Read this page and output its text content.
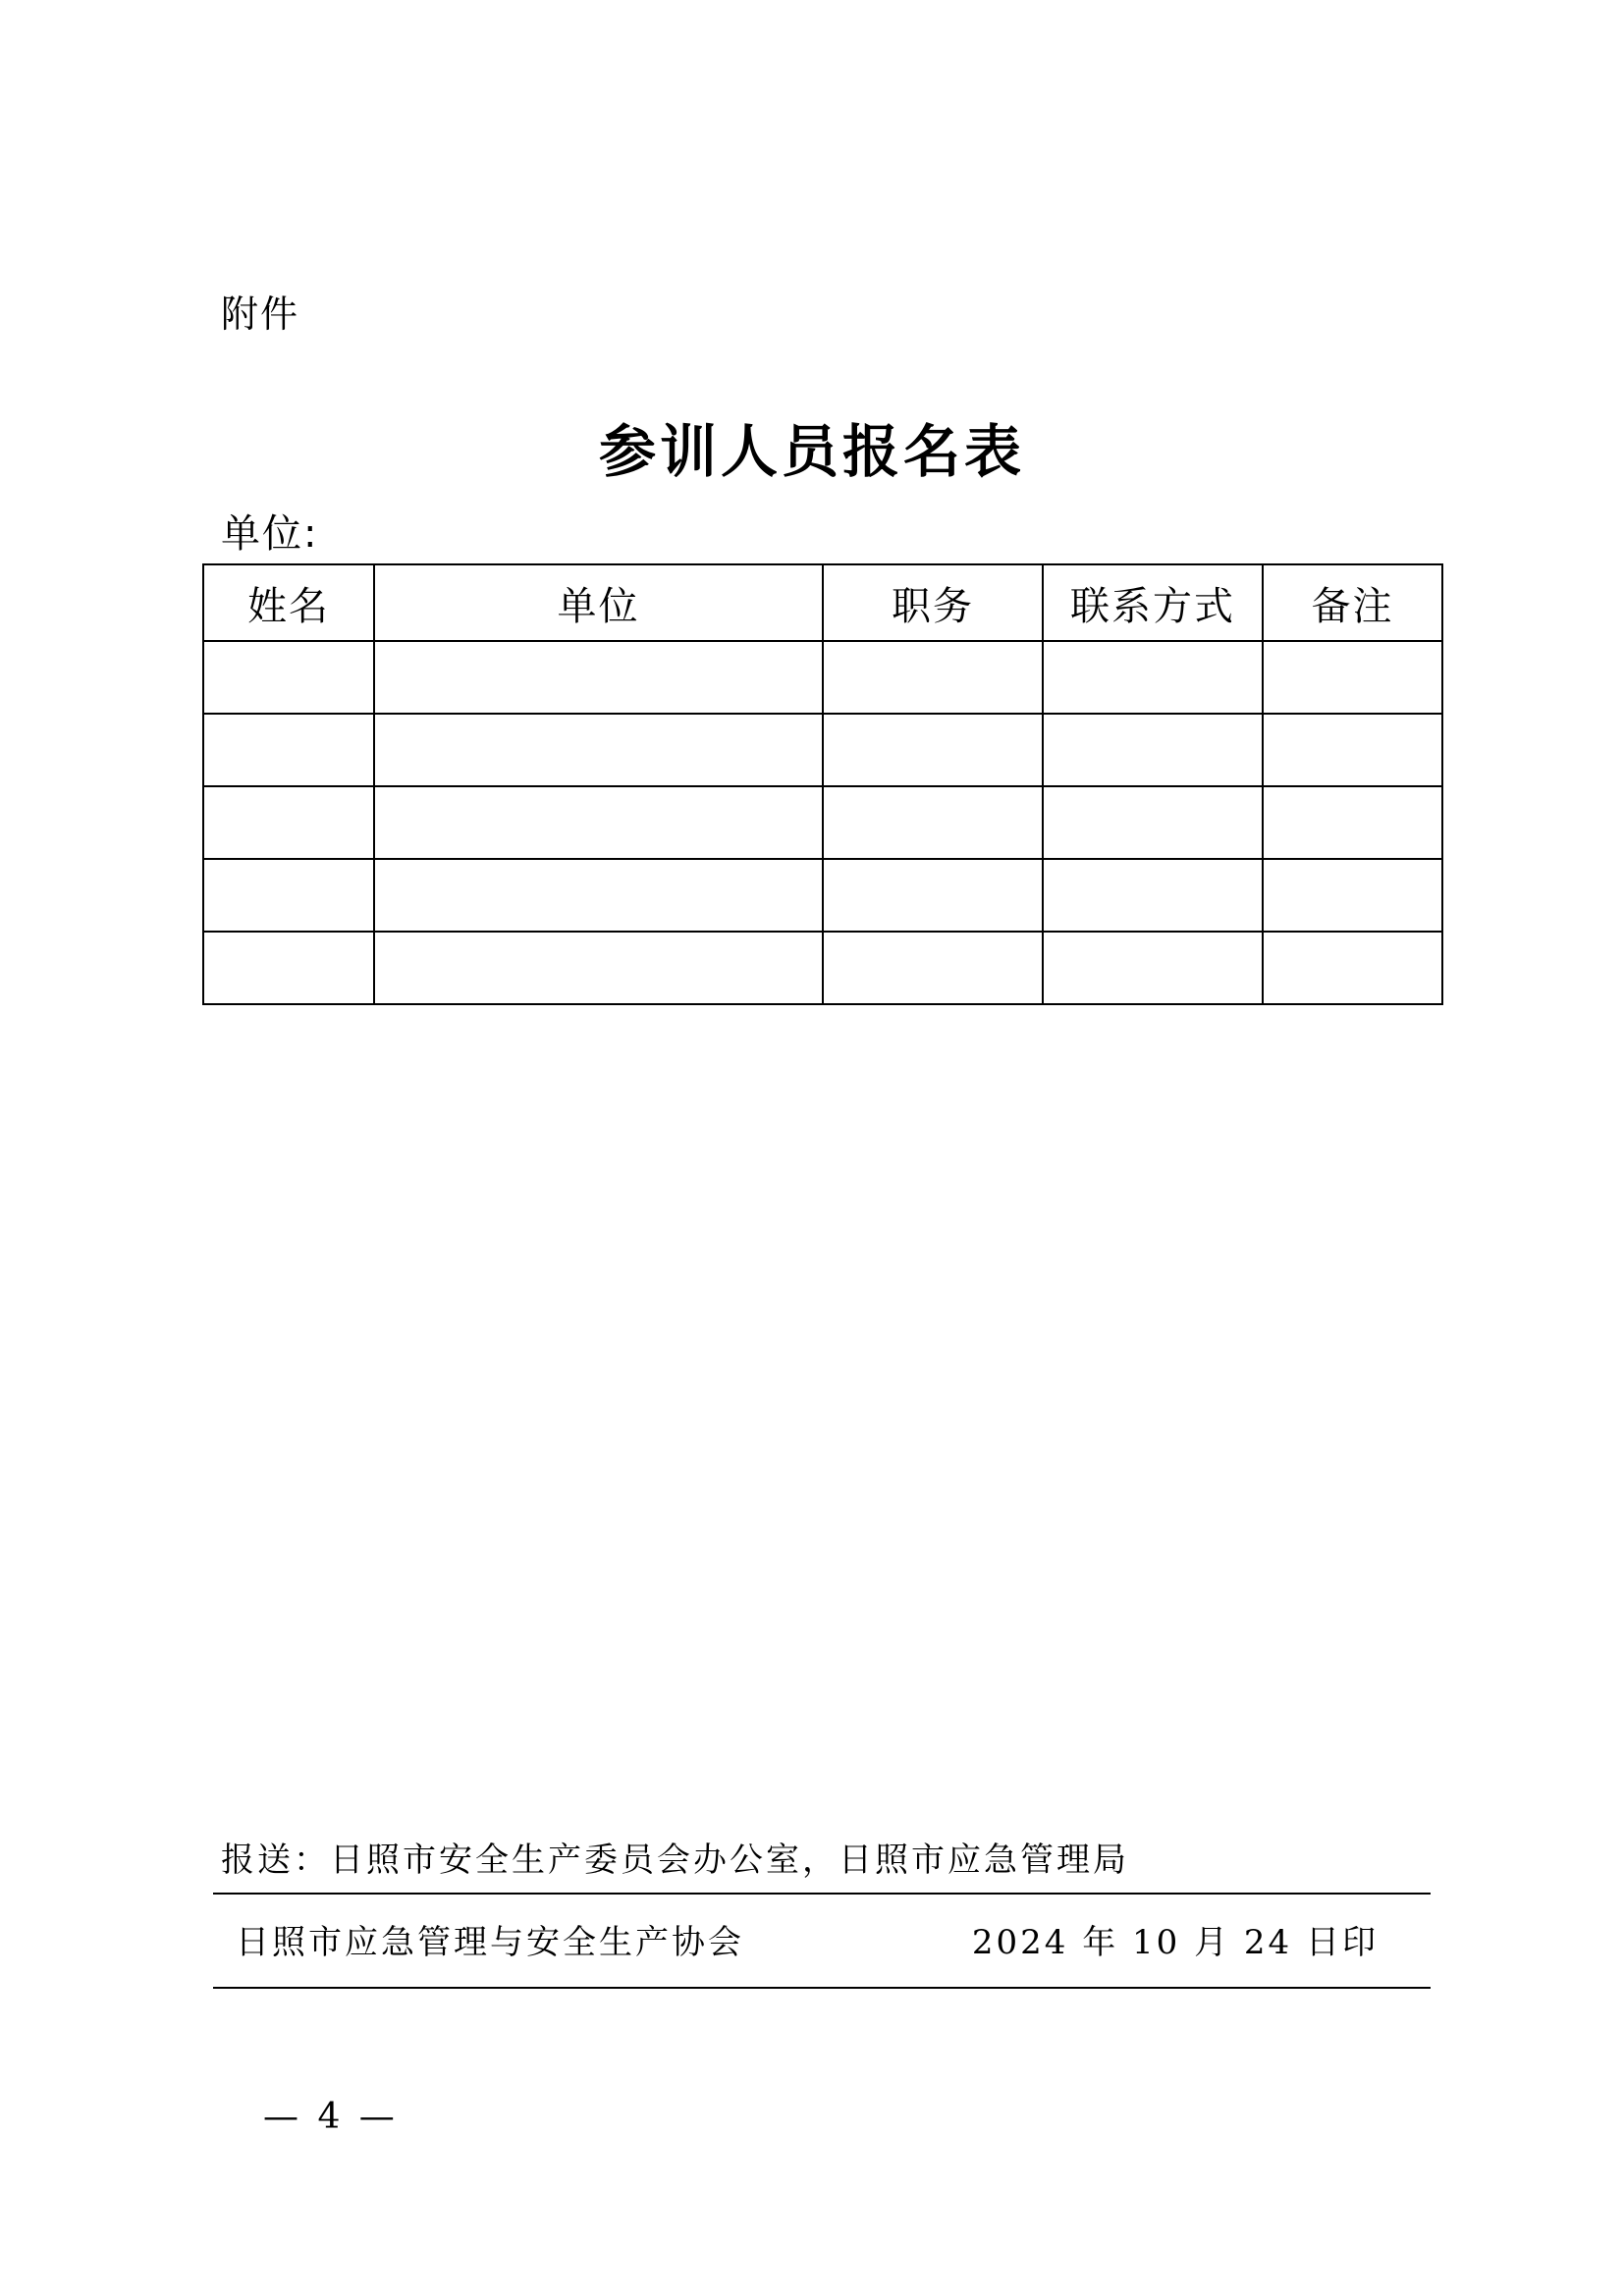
附件
参训人员报名表
单位:
姓名	单位	职务	联系方式	备注

报送：日照市安全生产委员会办公室，日照市应急管理局
日照市应急管理与安全生产协会	2024 年 10 月 24 日印
— 4 —
